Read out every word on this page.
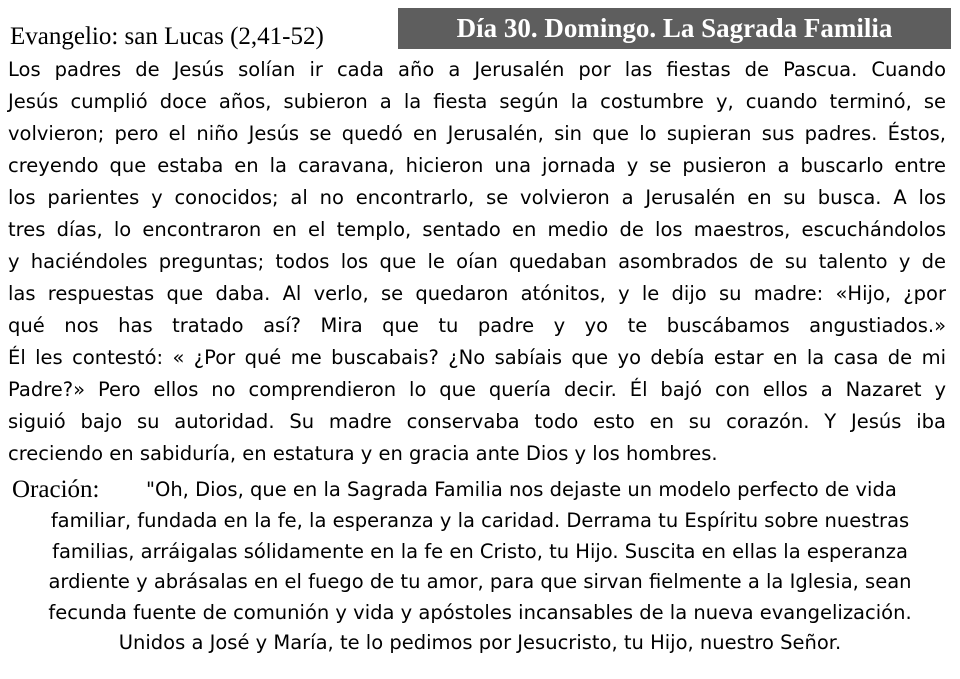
Evangelio: san Lucas (2,41-52)	Día 30. Domingo. La Sagrada Familia
Los padres de Jesús solían ir cada año a Jerusalén por las fiestas de Pascua. Cuando
Jesús cumplió doce años, subieron a la fiesta según la costumbre y, cuando terminó, se
volvieron; pero el niño Jesús se quedó en Jerusalén, sin que lo supieran sus padres. Éstos,
creyendo que estaba en la caravana, hicieron una jornada y se pusieron a buscarlo entre
los parientes y conocidos; al no encontrarlo, se volvieron a Jerusalén en su busca. A los
tres días, lo encontraron en el templo, sentado en medio de los maestros, escuchándolos
y haciéndoles preguntas; todos los que le oían quedaban asombrados de su talento y de
las respuestas que daba. Al verlo, se quedaron atónitos, y le dijo su madre: «Hijo, ¿por
qué nos has tratado así? Mira que tu padre y yo te buscábamos angustiados.»
Él les contestó: « ¿Por qué me buscabais? ¿No sabíais que yo debía estar en la casa de mi
Padre?» Pero ellos no comprendieron lo que quería decir. Él bajó con ellos a Nazaret y
siguió bajo su autoridad. Su madre conservaba todo esto en su corazón. Y Jesús iba
creciendo en sabiduría, en estatura y en gracia ante Dios y los hombres.
Oración: "Oh, Dios, que en la Sagrada Familia nos dejaste un modelo perfecto de vida
familiar, fundada en la fe, la esperanza y la caridad. Derrama tu Espíritu sobre nuestras
familias, arráigalas sólidamente en la fe en Cristo, tu Hijo. Suscita en ellas la esperanza
ardiente y abrásalas en el fuego de tu amor, para que sirvan fielmente a la Iglesia, sean
fecunda fuente de comunión y vida y apóstoles incansables de la nueva evangelización.
Unidos a José y María, te lo pedimos por Jesucristo, tu Hijo, nuestro Señor.
